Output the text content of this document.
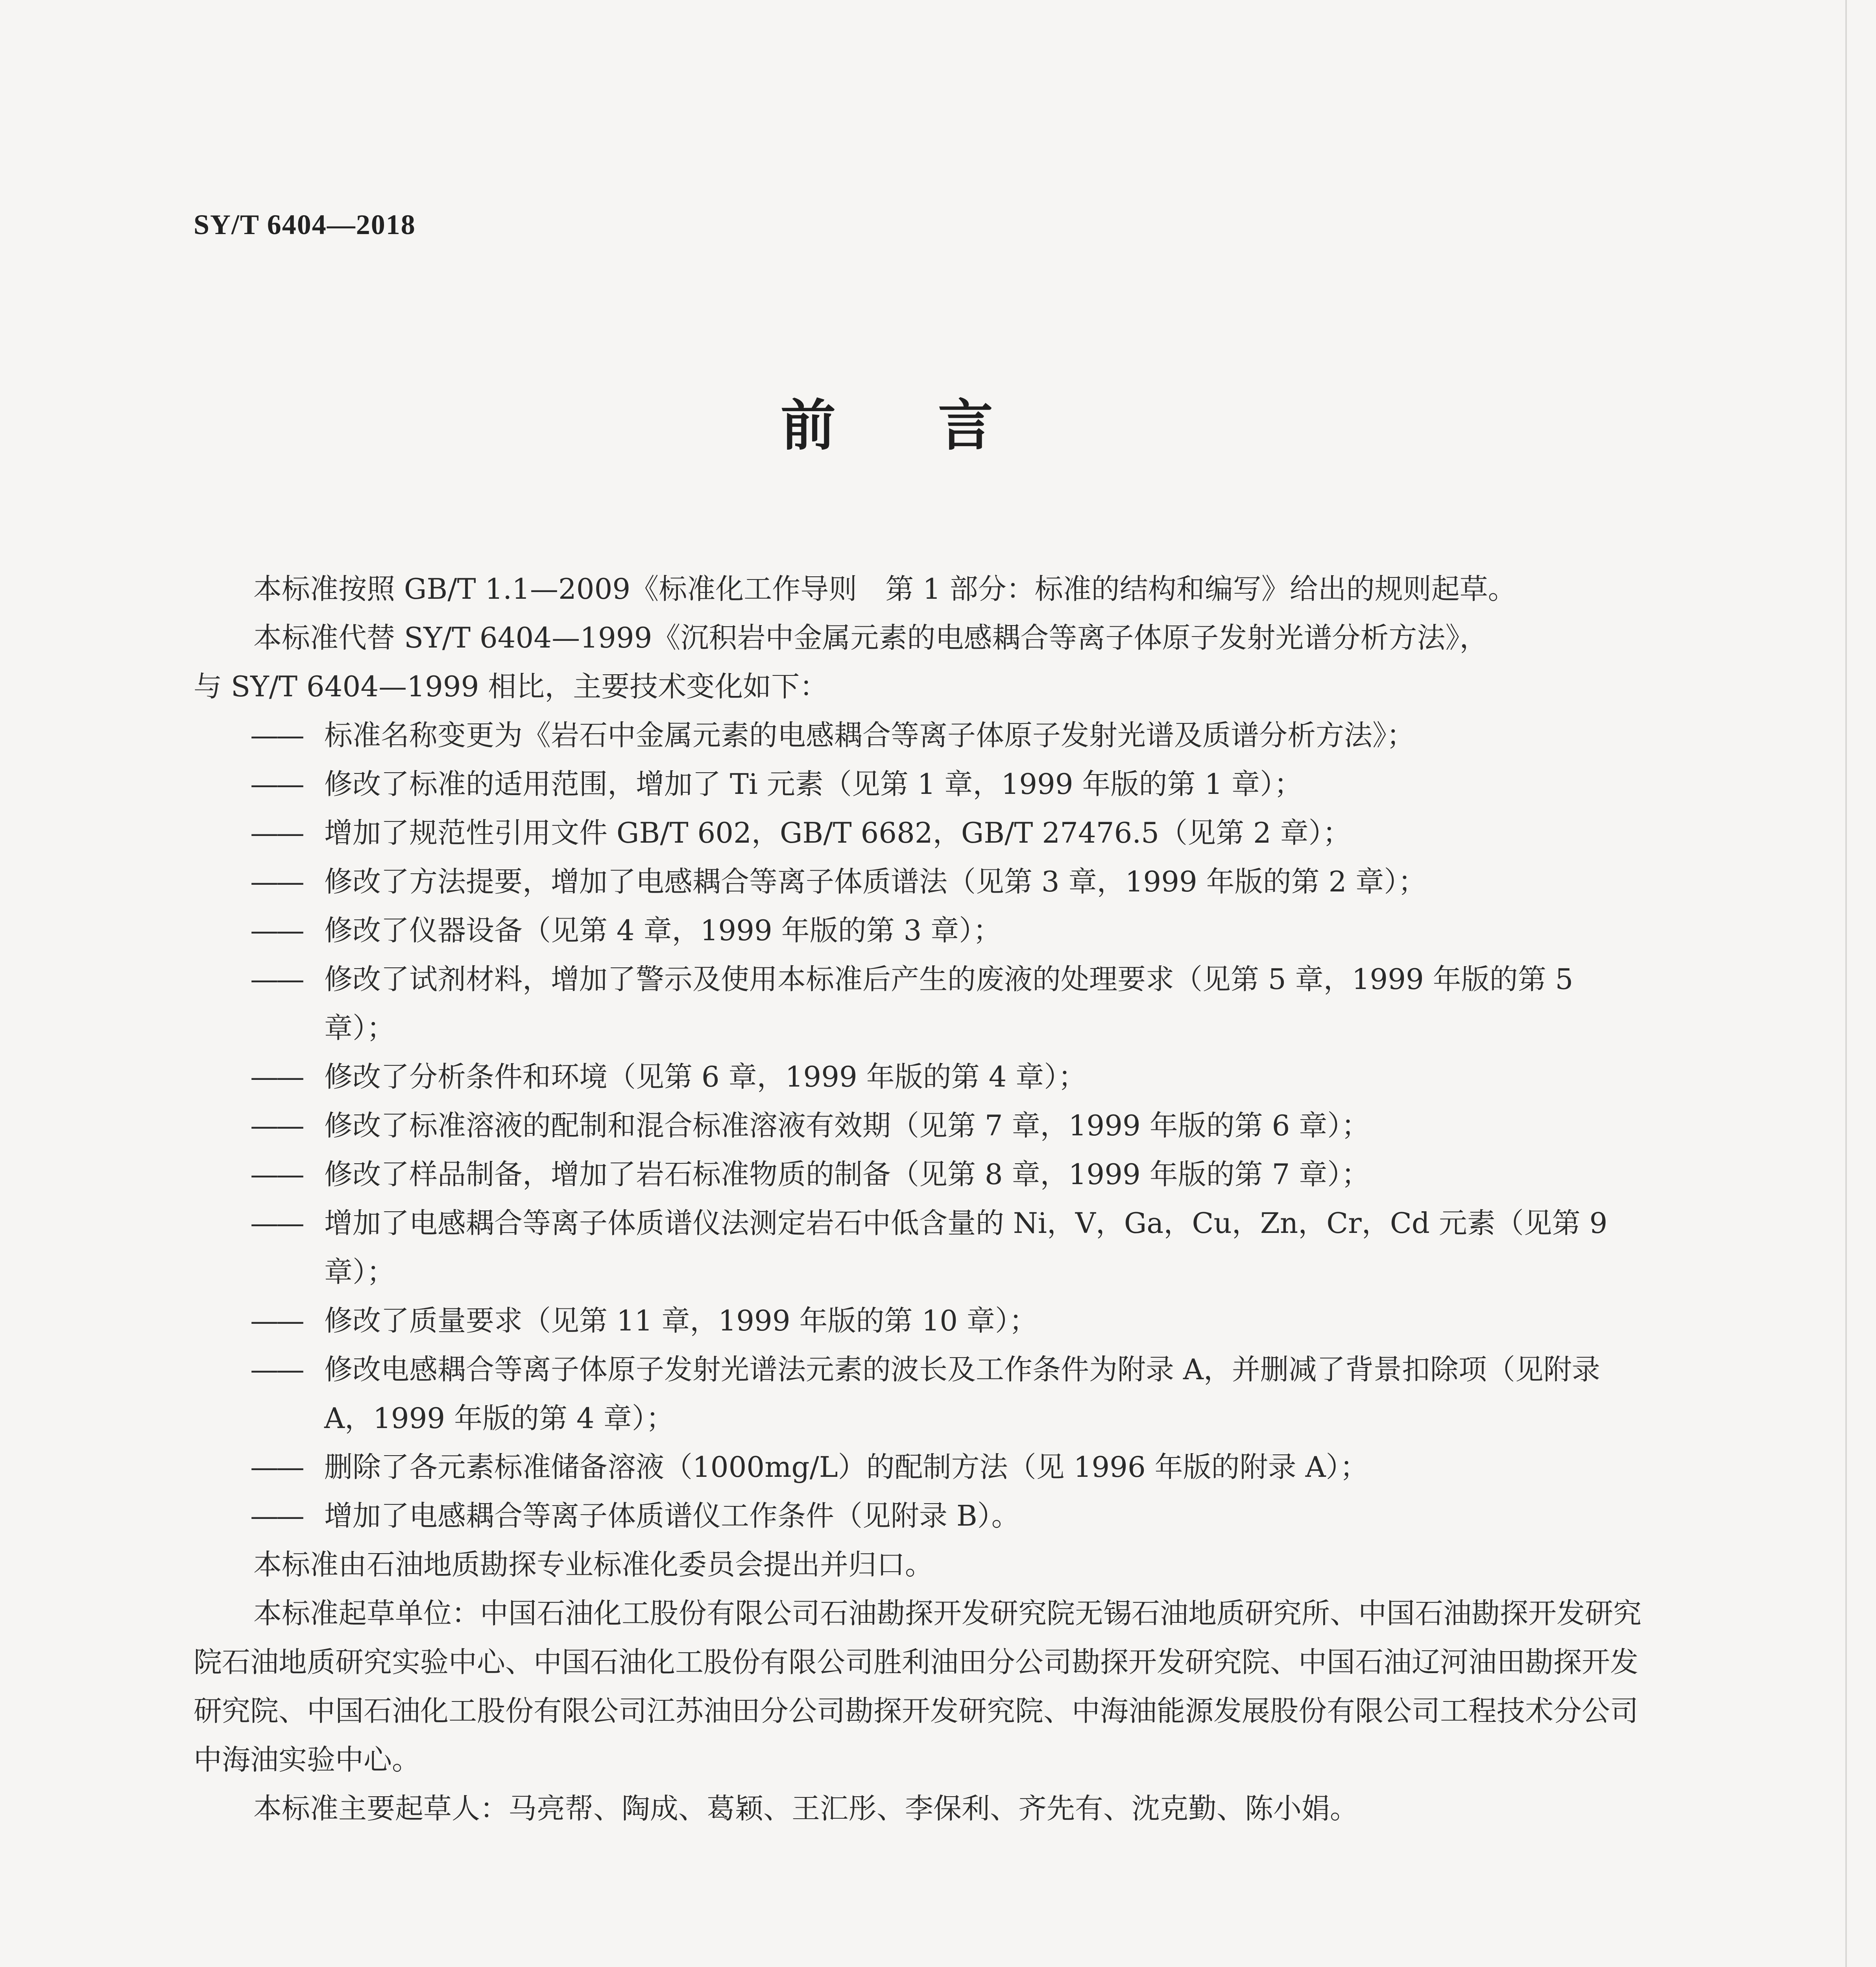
SY/T 6404—2018
前言

本标准按照 GB/T 1.1—2009《标准化工作导则　第 1 部分：标准的结构和编写》给出的规则起草。

本标准代替 SY/T 6404—1999《沉积岩中金属元素的电感耦合等离子体原子发射光谱分析方法》，

与 SY/T 6404—1999 相比，主要技术变化如下：

—— 标准名称变更为《岩石中金属元素的电感耦合等离子体原子发射光谱及质谱分析方法》；

—— 修改了标准的适用范围，增加了 Ti 元素（见第 1 章，1999 年版的第 1 章）；

—— 增加了规范性引用文件 GB/T 602，GB/T 6682，GB/T 27476.5（见第 2 章）；

—— 修改了方法提要，增加了电感耦合等离子体质谱法（见第 3 章，1999 年版的第 2 章）；

—— 修改了仪器设备（见第 4 章，1999 年版的第 3 章）；

—— 修改了试剂材料，增加了警示及使用本标准后产生的废液的处理要求（见第 5 章，1999 年版的第 5 章）；

—— 修改了分析条件和环境（见第 6 章，1999 年版的第 4 章）；

—— 修改了标准溶液的配制和混合标准溶液有效期（见第 7 章，1999 年版的第 6 章）；

—— 修改了样品制备，增加了岩石标准物质的制备（见第 8 章，1999 年版的第 7 章）；

—— 增加了电感耦合等离子体质谱仪法测定岩石中低含量的 Ni，V，Ga，Cu，Zn，Cr，Cd 元素（见第 9 章）；

—— 修改了质量要求（见第 11 章，1999 年版的第 10 章）；

—— 修改电感耦合等离子体原子发射光谱法元素的波长及工作条件为附录 A，并删减了背景扣除项（见附录 A，1999 年版的第 4 章）；

—— 删除了各元素标准储备溶液（1000mg/L）的配制方法（见 1996 年版的附录 A）；

—— 增加了电感耦合等离子体质谱仪工作条件（见附录 B）。

本标准由石油地质勘探专业标准化委员会提出并归口。

本标准起草单位：中国石油化工股份有限公司石油勘探开发研究院无锡石油地质研究所、中国石油勘探开发研究院石油地质研究实验中心、中国石油化工股份有限公司胜利油田分公司勘探开发研究院、中国石油辽河油田勘探开发研究院、中国石油化工股份有限公司江苏油田分公司勘探开发研究院、中海油能源发展股份有限公司工程技术分公司中海油实验中心。

本标准主要起草人：马亮帮、陶成、葛颖、王汇彤、李保利、齐先有、沈克勤、陈小娟。
